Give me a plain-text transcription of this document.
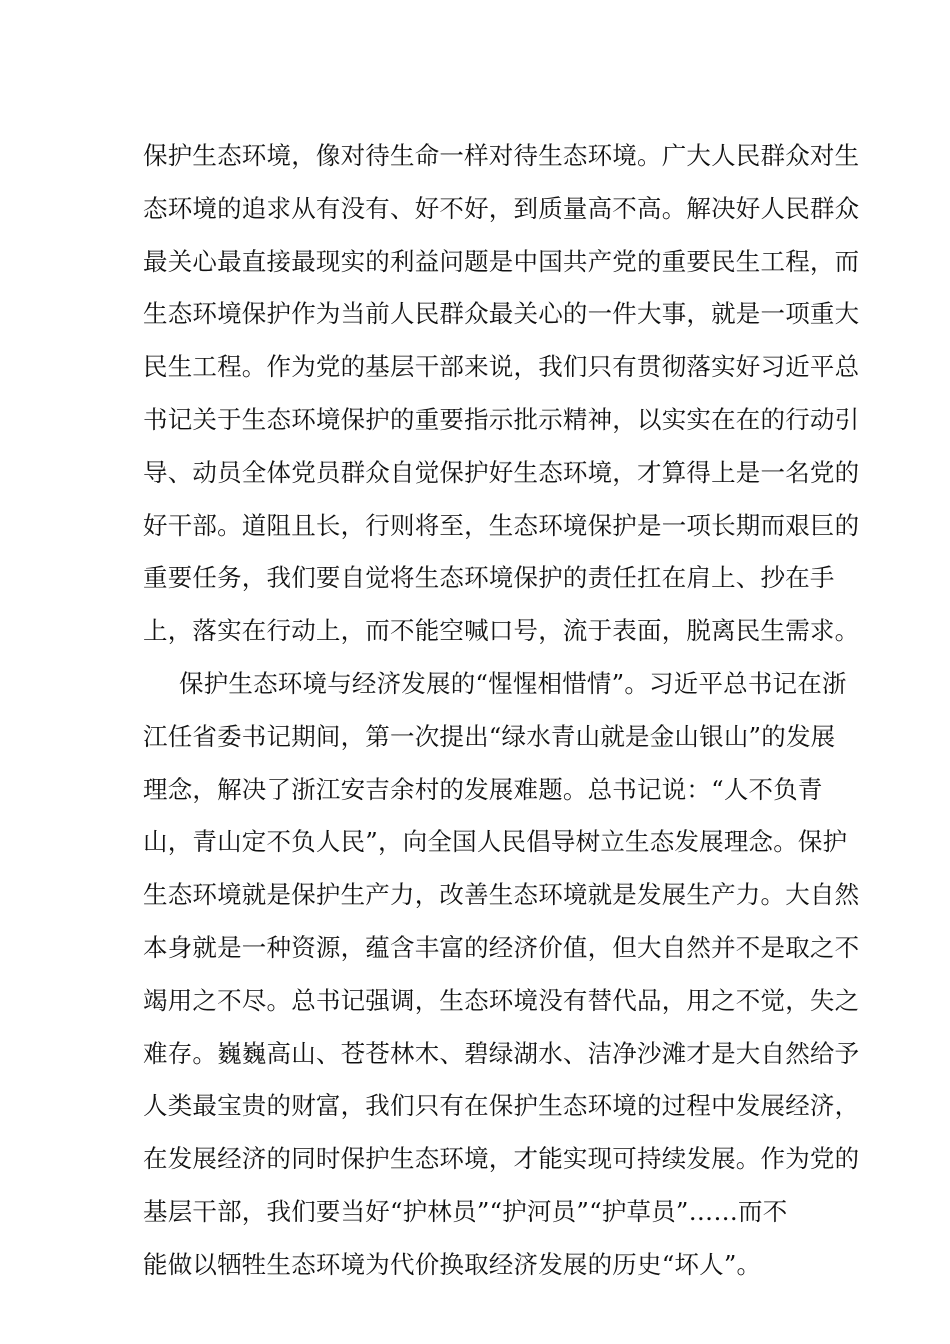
保护生态环境，像对待生命一样对待生态环境。广大人民群众对生
态环境的追求从有没有、好不好，到质量高不高。解决好人民群众
最关心最直接最现实的利益问题是中国共产党的重要民生工程，而
生态环境保护作为当前人民群众最关心的一件大事，就是一项重大
民生工程。作为党的基层干部来说，我们只有贯彻落实好习近平总
书记关于生态环境保护的重要指示批示精神，以实实在在的行动引
导、动员全体党员群众自觉保护好生态环境，才算得上是一名党的
好干部。道阻且长，行则将至，生态环境保护是一项长期而艰巨的
重要任务，我们要自觉将生态环境保护的责任扛在肩上、抄在手
上，落实在行动上，而不能空喊口号，流于表面，脱离民生需求。
保护生态环境与经济发展的“惺惺相惜情”。习近平总书记在浙
江任省委书记期间，第一次提出“绿水青山就是金山银山”的发展
理念，解决了浙江安吉余村的发展难题。总书记说：“人不负青
山，青山定不负人民”，向全国人民倡导树立生态发展理念。保护
生态环境就是保护生产力，改善生态环境就是发展生产力。大自然
本身就是一种资源，蕴含丰富的经济价值，但大自然并不是取之不
竭用之不尽。总书记强调，生态环境没有替代品，用之不觉，失之
难存。巍巍高山、苍苍林木、碧绿湖水、洁净沙滩才是大自然给予
人类最宝贵的财富，我们只有在保护生态环境的过程中发展经济，
在发展经济的同时保护生态环境，才能实现可持续发展。作为党的
基层干部，我们要当好“护林员”“护河员”“护草员”……而不
能做以牺牲生态环境为代价换取经济发展的历史“坏人”。
